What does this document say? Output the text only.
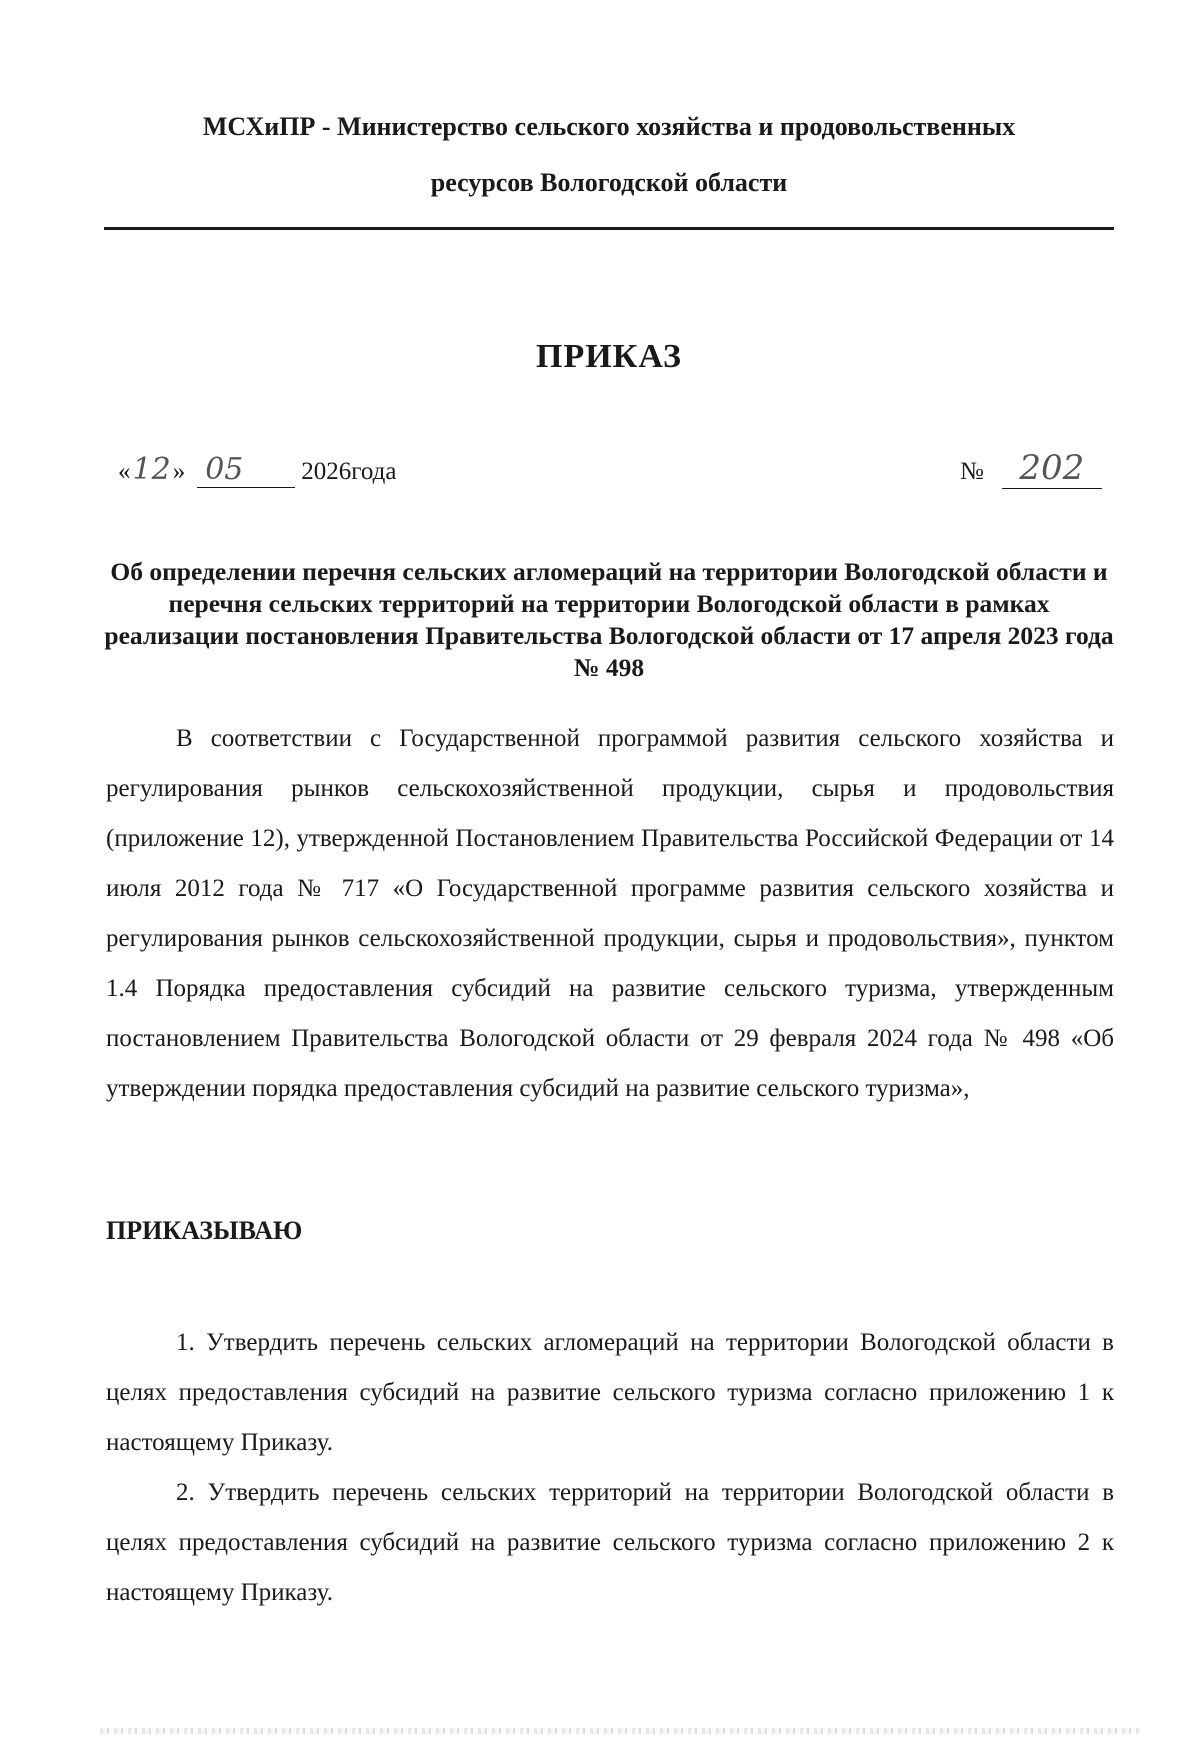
МСХиПР - Министерство сельского хозяйства и продовольственных
ресурсов Вологодской области
ПРИКАЗ
« 12 » 05	2026 года	№	202
Об определении перечня сельских агломераций на территории Вологодской области и перечня сельских территорий на территории Вологодской области в рамках реализации постановления Правительства Вологодской области от 17 апреля 2023 года № 498

В соответствии с Государственной программой развития сельского хозяйства и регулирования рынков сельскохозяйственной продукции, сырья и продовольствия (приложение 12), утвержденной Постановлением Правительства Российской Федерации от 14 июля 2012 года № 717 «О Государственной программе развития сельского хозяйства и регулирования рынков сельскохозяйственной продукции, сырья и продовольствия», пунктом 1.4 Порядка предоставления субсидий на развитие сельского туризма, утвержденным постановлением Правительства Вологодской области от 29 февраля 2024 года № 498 «Об утверждении порядка предоставления субсидий на развитие сельского туризма»,

ПРИКАЗЫВАЮ

1. Утвердить перечень сельских агломераций на территории Вологодской области в целях предоставления субсидий на развитие сельского туризма согласно приложению 1 к настоящему Приказу.

2. Утвердить перечень сельских территорий на территории Вологодской области в целях предоставления субсидий на развитие сельского туризма согласно приложению 2 к настоящему Приказу.
